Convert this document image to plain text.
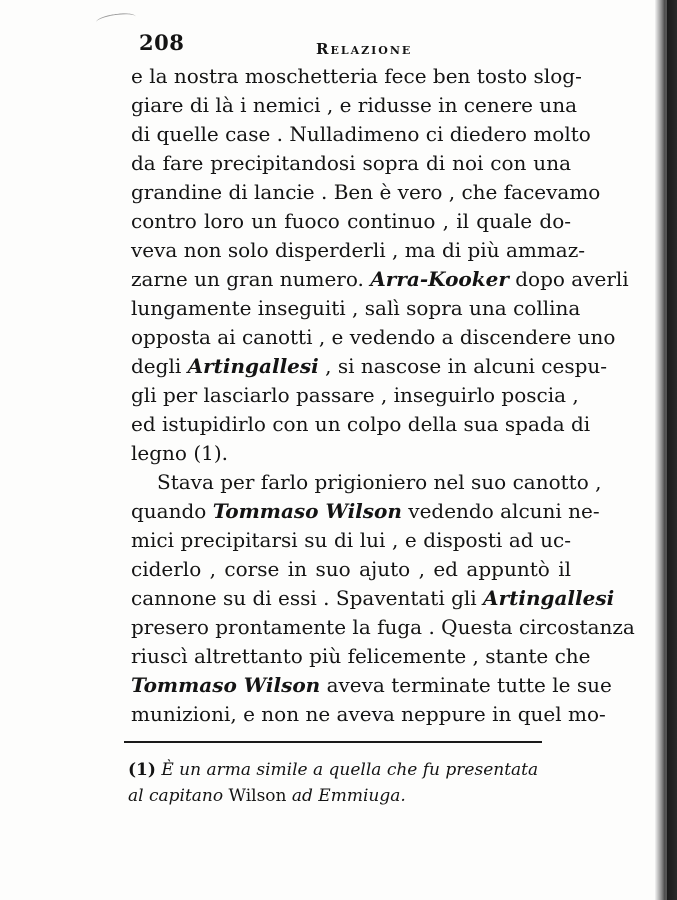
208	Relazione
e la nostra moschetteria fece ben tosto slog-
giare di là i nemici , e ridusse in cenere una
di quelle case . Nulladimeno ci diedero molto
da fare precipitandosi sopra di noi con una
grandine di lancie . Ben è vero , che facevamo
contro loro un fuoco continuo , il quale do-
veva non solo disperderli , ma di più ammaz-
zarne un gran numero. Arra-Kooker dopo averli
lungamente inseguiti , salì sopra una collina
opposta ai canotti , e vedendo a discendere uno
degli Artingallesi , si nascose in alcuni cespu-
gli per lasciarlo passare , inseguirlo poscia ,
ed istupidirlo con un colpo della sua spada di
legno (1).
Stava per farlo prigioniero nel suo canotto ,
quando Tommaso Wilson vedendo alcuni ne-
mici precipitarsi su di lui , e disposti ad uc-
ciderlo , corse in suo ajuto , ed appuntò il
cannone su di essi . Spaventati gli Artingallesi
presero prontamente la fuga . Questa circostanza
riuscì altrettanto più felicemente , stante che
Tommaso Wilson aveva terminate tutte le sue
munizioni, e non ne aveva neppure in quel mo-
(1) È un arma simile a quella che fu presentata
al capitano Wilson ad Emmiuga.
